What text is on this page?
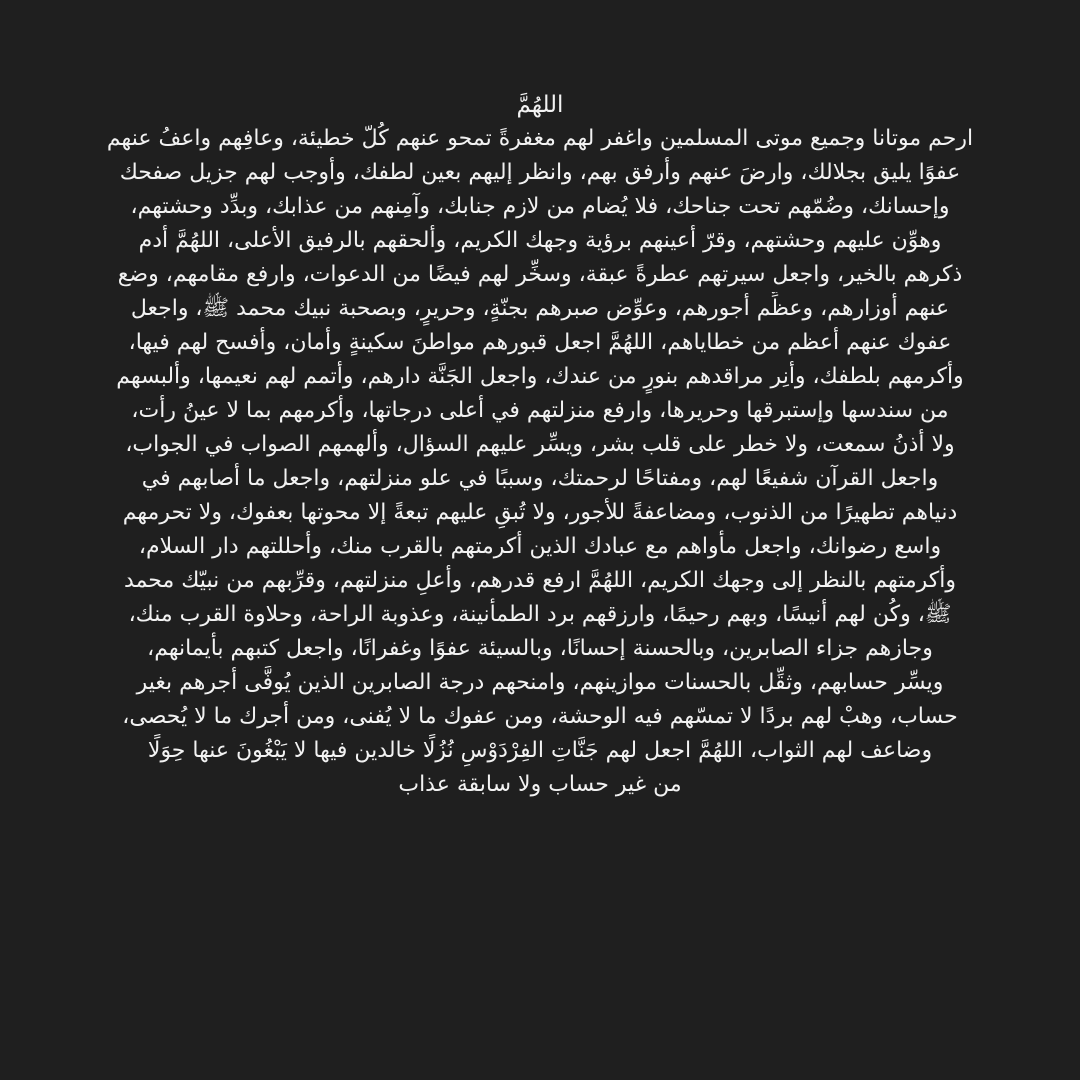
اللهُمَّ
ارحم موتانا وجميع موتى المسلمين واغفر لهم مغفرةً تمحو عنهم كُلّ خطيئة، وعافِهم واعفُ عنهم
عفوًا يليق بجلالك، وارضَ عنهم وأرفق بهم، وانظر إليهم بعين لطفك، وأوجب لهم جزيل صفحك
وإحسانك، وضُمّهم تحت جناحك، فلا يُضام من لازم جنابك، وآمِنهم من عذابك، وبدِّد وحشتهم،
وهوِّن عليهم وحشتهم، وقرّ أعينهم برؤية وجهك الكريم، وألحقهم بالرفيق الأعلى، اللهُمَّ أدم
ذكرهم بالخير، واجعل سيرتهم عطرةً عبقة، وسخِّر لهم فيضًا من الدعوات، وارفع مقامهم، وضع
عنهم أوزارهم، وعظِّم أجورهم، وعوِّض صبرهم بجنّةٍ، وحريرٍ، وبصحبة نبيك محمد ﷺ، واجعل
عفوك عنهم أعظم من خطاياهم، اللهُمَّ اجعل قبورهم مواطنَ سكينةٍ وأمان، وأفسح لهم فيها،
وأكرمهم بلطفك، وأنِر مراقدهم بنورٍ من عندك، واجعل الجَنَّة دارهم، وأتمم لهم نعيمها، وألبسهم
من سندسها وإستبرقها وحريرها، وارفع منزلتهم في أعلى درجاتها، وأكرمهم بما لا عينُ رأت،
ولا أذنُ سمعت، ولا خطر على قلب بشر، ويسِّر عليهم السؤال، وألهمهم الصواب في الجواب،
واجعل القرآن شفيعًا لهم، ومفتاحًا لرحمتك، وسببًا في علو منزلتهم، واجعل ما أصابهم في
دنياهم تطهيرًا من الذنوب، ومضاعفةً للأجور، ولا تُبقِ عليهم تبعةً إلا محوتها بعفوك، ولا تحرمهم
واسع رضوانك، واجعل مأواهم مع عبادك الذين أكرمتهم بالقرب منك، وأحللتهم دار السلام،
وأكرمتهم بالنظر إلى وجهك الكريم، اللهُمَّ ارفع قدرهم، وأعلِ منزلتهم، وقرِّبهم من نبيّك محمد
ﷺ، وكُن لهم أنيسًا، وبهم رحيمًا، وارزقهم برد الطمأنينة، وعذوبة الراحة، وحلاوة القرب منك،
وجازهم جزاء الصابرين، وبالحسنة إحسانًا، وبالسيئة عفوًا وغفرانًا، واجعل كتبهم بأيمانهم،
ويسِّر حسابهم، وثقِّل بالحسنات موازينهم، وامنحهم درجة الصابرين الذين يُوفَّى أجرهم بغير
حساب، وهبْ لهم بردًا لا تمسّهم فيه الوحشة، ومن عفوك ما لا يُفنى، ومن أجرك ما لا يُحصى،
وضاعف لهم الثواب، اللهُمَّ اجعل لهم جَنَّاتِ الفِرْدَوْسِ نُزُلًا خالدين فيها لا يَبْغُونَ عنها حِوَلًا
من غير حساب ولا سابقة عذاب
